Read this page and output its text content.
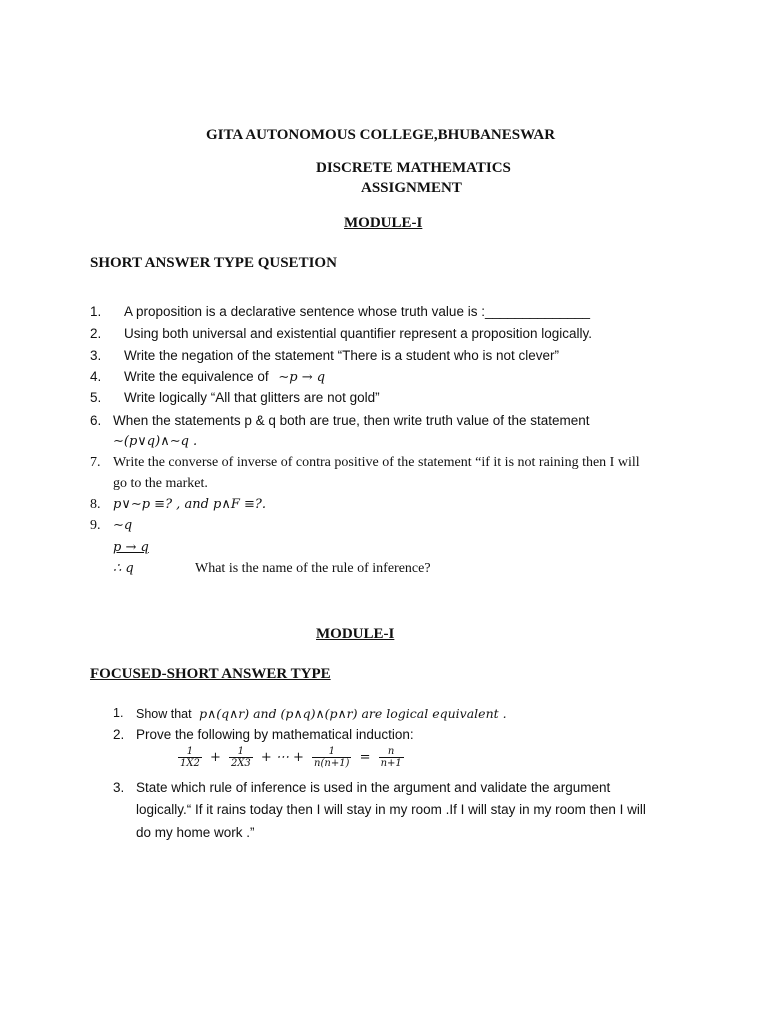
GITA AUTONOMOUS COLLEGE,BHUBANESWAR
DISCRETE MATHEMATICS
ASSIGNMENT
MODULE-I
SHORT ANSWER TYPE QUSETION
1. A proposition is a declarative sentence whose truth value is :______________
2. Using both universal and existential quantifier represent a proposition logically.
3. Write the negation of the statement “There is a student who is not clever”
4. Write the equivalence of ∼p → q
5. Write logically “All that glitters are not gold”
6. When the statements p & q both are true, then write truth value of the statement
∼(p∨q)∧∼q .
7. Write the converse of inverse of contra positive of the statement “if it is not raining then I will
go to the market.
8. p∨∼p ≡? , and p∧F ≡?.
9. ∼q
p → q
∴ q	What is the name of the rule of inference?
MODULE-I
FOCUSED-SHORT ANSWER TYPE
1. Show that p∧(q∧r) and (p∧q)∧(p∧r) are logical equivalent .
2. Prove the following by mathematical induction:
$\frac{1}{1X2} + \frac{1}{2X3}$ + ⋯ + $\frac{1}{n(n+1)} = \frac{n}{n+1}$
3. State which rule of inference is used in the argument and validate the argument
logically.“ If it rains today then I will stay in my room .If I will stay in my room then I will
do my home work .”
